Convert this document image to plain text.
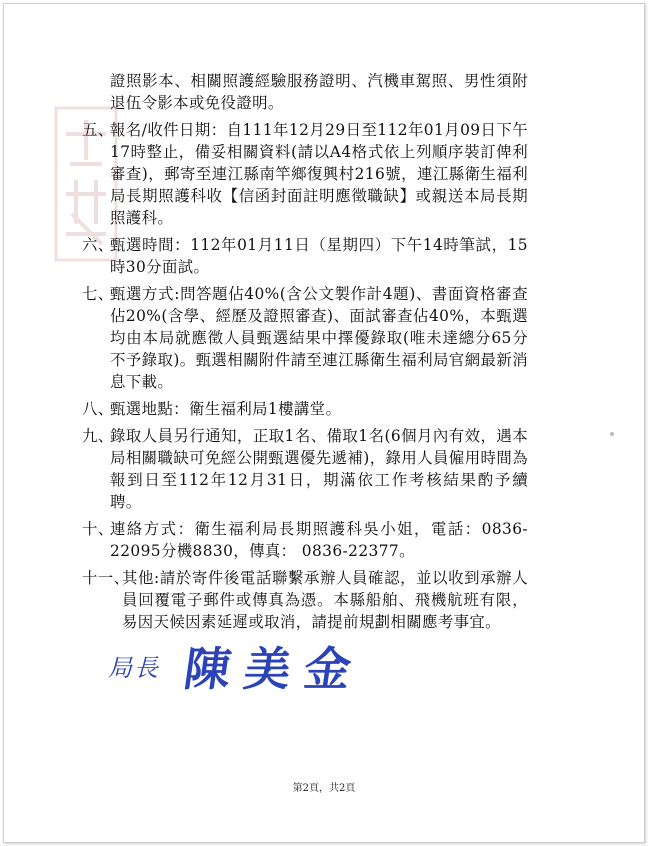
證照影本、相關照護經驗服務證明、汽機車駕照、男性須附退伍令影本或免役證明。
五、
報名/收件日期：自111年12月29日至112年01月09日下午17時整止，備妥相關資料(請以A4格式依上列順序裝訂俾利審查)，郵寄至連江縣南竿鄉復興村216號，連江縣衛生福利局長期照護科收【信函封面註明應徵職缺】或親送本局長期照護科。
六、
甄選時間：112年01月11日（星期四）下午14時筆試，15時30分面試。
七、
甄選方式:問答題佔40%(含公文製作計4題)、書面資格審查佔20%(含學、經歷及證照審查)、面試審查佔40%，本甄選均由本局就應徵人員甄選結果中擇優錄取(唯未達總分65分不予錄取)。甄選相關附件請至連江縣衛生福利局官網最新消息下載。
八、
甄選地點：衛生福利局1樓講堂。
九、
錄取人員另行通知，正取1名、備取1名(6個月內有效，遇本局相關職缺可免經公開甄選優先遞補)，錄用人員僱用時間為報到日至112年12月31日，期滿依工作考核結果酌予續聘。
十、
連絡方式：衛生福利局長期照護科吳小姐，電話：0836-22095分機8830，傳真： 0836-22377。
十一、
其他:請於寄件後電話聯繫承辦人員確認，並以收到承辦人員回覆電子郵件或傳真為憑。本縣船舶、飛機航班有限，易因天候因素延遲或取消，請提前規劃相關應考事宜。
局長 陳美金
第2頁，共2頁
